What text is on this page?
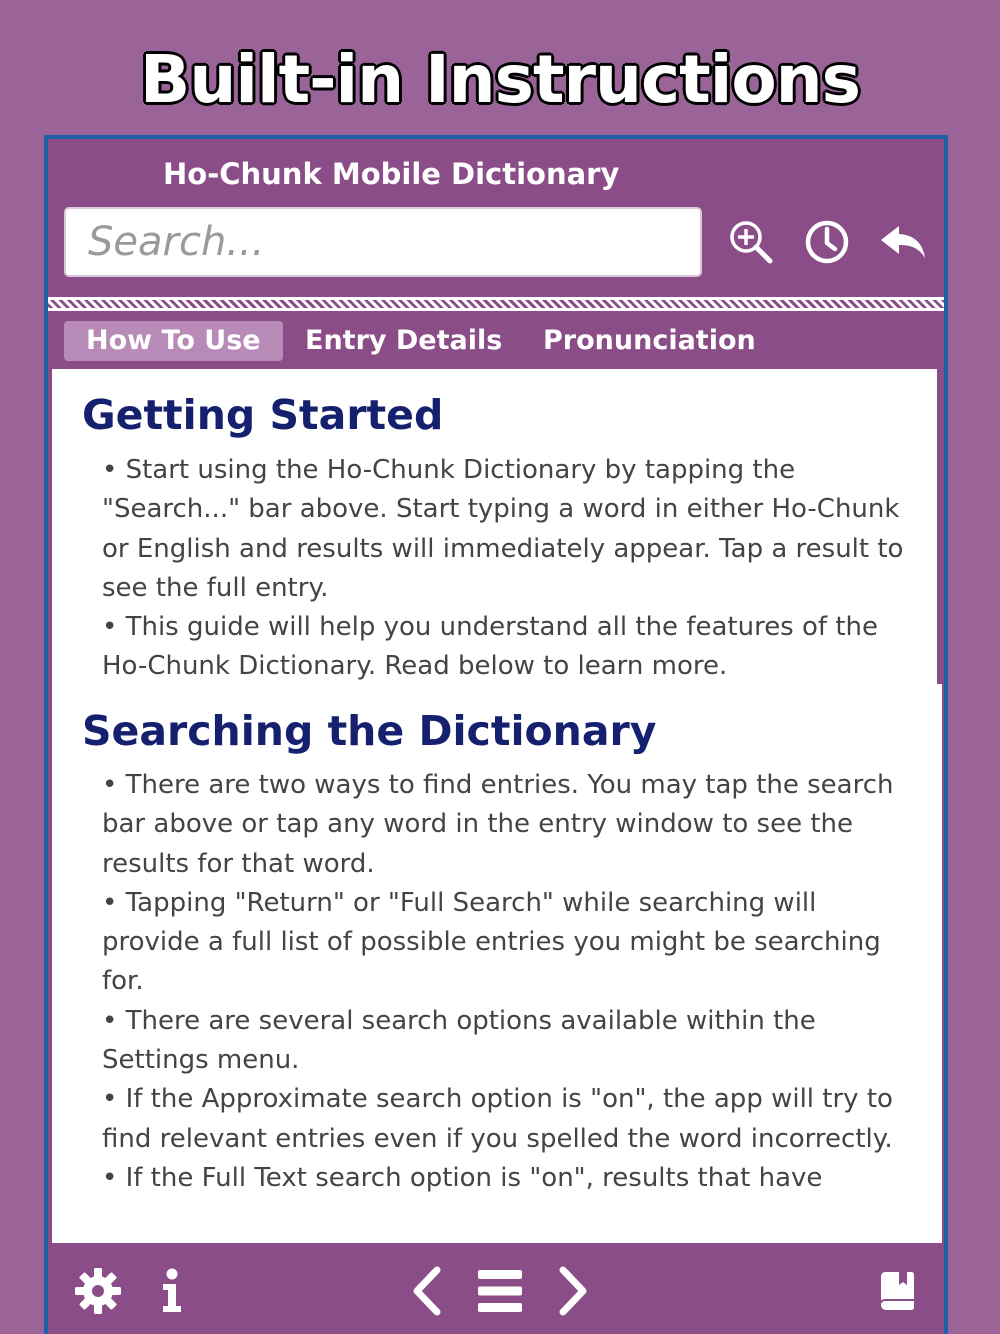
Built-in Instructions
Ho-Chunk Mobile Dictionary
Search...
How To Use	Entry Details Pronunciation
Getting Started

• Start using the Ho-Chunk Dictionary by tapping the "Search..." bar above. Start typing a word in either Ho-Chunk or English and results will immediately appear. Tap a result to see the full entry.

• This guide will help you understand all the features of the Ho-Chunk Dictionary. Read below to learn more.

Searching the Dictionary

• There are two ways to find entries. You may tap the search bar above or tap any word in the entry window to see the results for that word.

• Tapping "Return" or "Full Search" while searching will provide a full list of possible entries you might be searching for.

• There are several search options available within the Settings menu.

• If the Approximate search option is "on", the app will try to find relevant entries even if you spelled the word incorrectly.

• If the Full Text search option is "on", results that have
